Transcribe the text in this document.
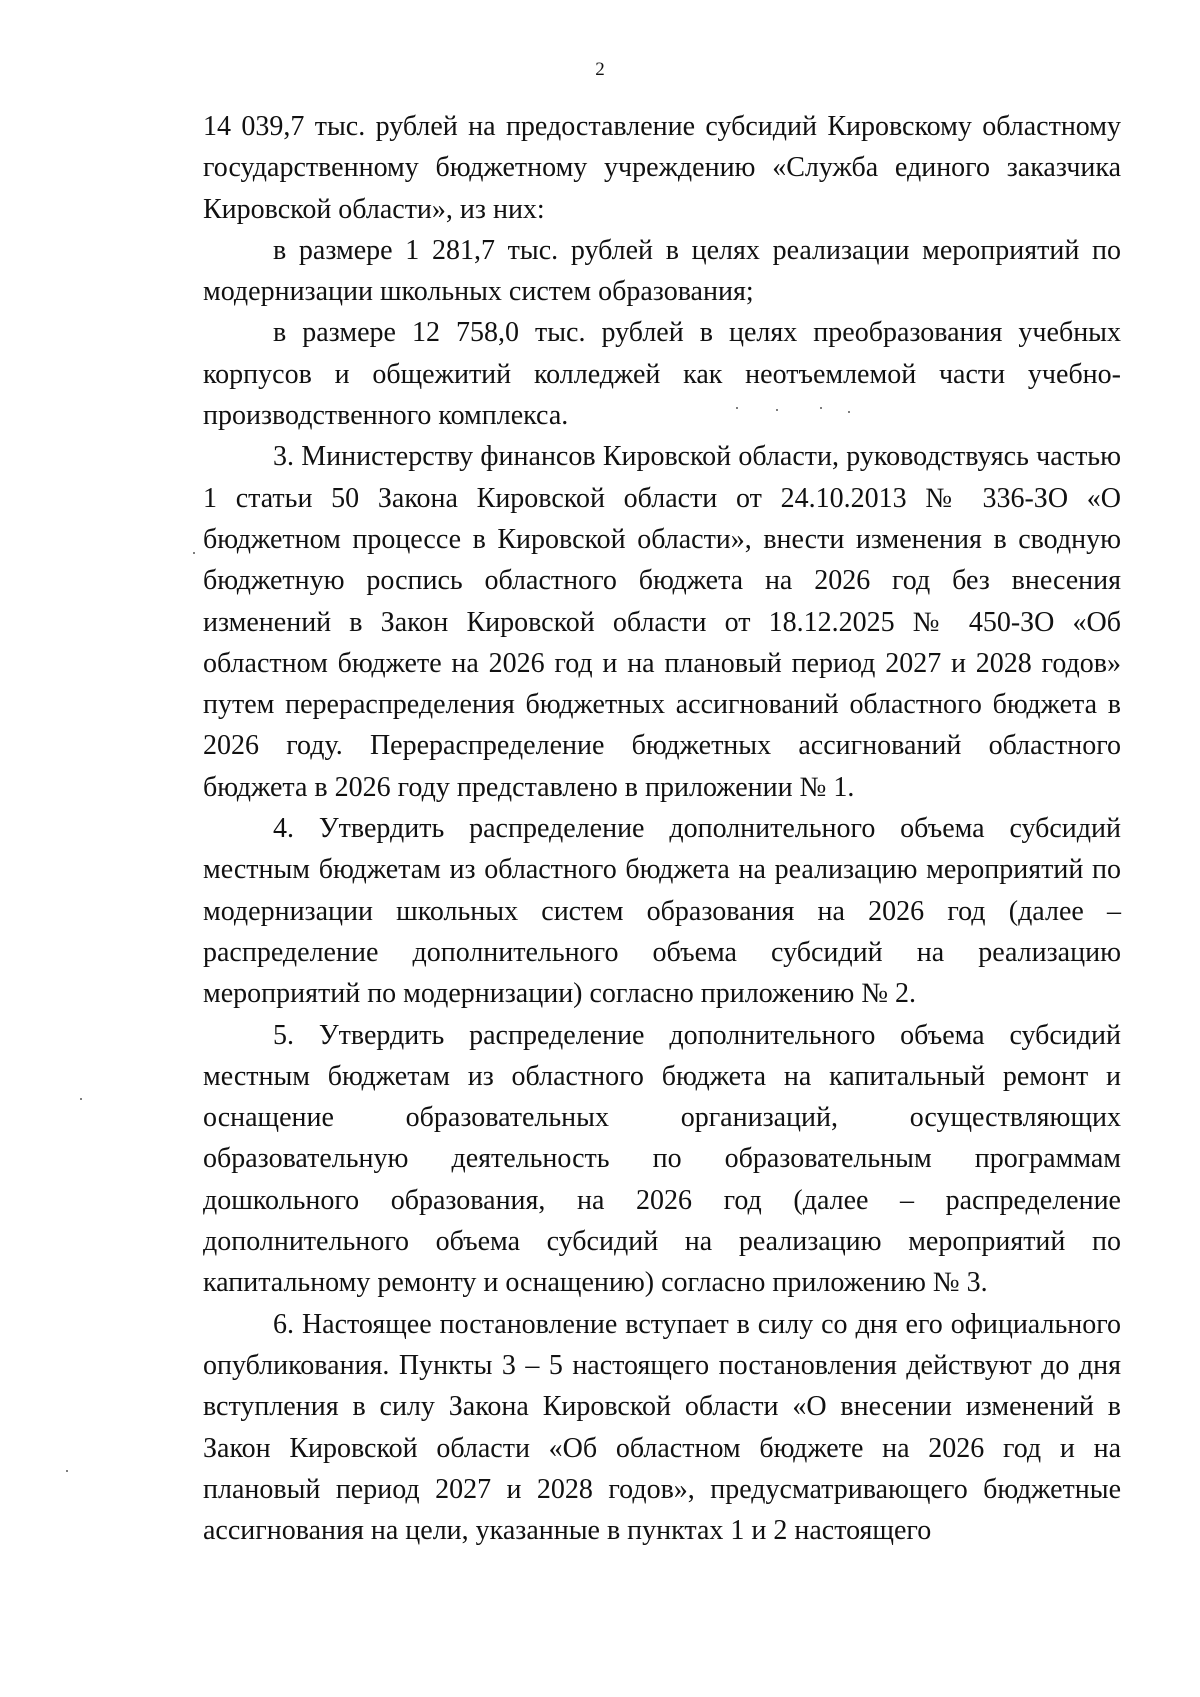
2

14 039,7 тыс. рублей на предоставление субсидий Кировскому областному государственному бюджетному учреждению «Служба единого заказчика Кировской области», из них:

в размере 1 281,7 тыс. рублей в целях реализации мероприятий по модернизации школьных систем образования;

в размере 12 758,0 тыс. рублей в целях преобразования учебных корпусов и общежитий колледжей как неотъемлемой части учебно-производственного комплекса.

3. Министерству финансов Кировской области, руководствуясь частью 1 статьи 50 Закона Кировской области от 24.10.2013 № 336-ЗО «О бюджетном процессе в Кировской области», внести изменения в сводную бюджетную роспись областного бюджета на 2026 год без внесения изменений в Закон Кировской области от 18.12.2025 № 450-ЗО «Об областном бюджете на 2026 год и на плановый период 2027 и 2028 годов» путем перераспределения бюджетных ассигнований областного бюджета в 2026 году. Перераспределение бюджетных ассигнований областного бюджета в 2026 году представлено в приложении № 1.

4. Утвердить распределение дополнительного объема субсидий местным бюджетам из областного бюджета на реализацию мероприятий по модернизации школьных систем образования на 2026 год (далее – распределение дополнительного объема субсидий на реализацию мероприятий по модернизации) согласно приложению № 2.

5. Утвердить распределение дополнительного объема субсидий местным бюджетам из областного бюджета на капитальный ремонт и оснащение образовательных организаций, осуществляющих образовательную деятельность по образовательным программам дошкольного образования, на 2026 год (далее – распределение дополнительного объема субсидий на реализацию мероприятий по капитальному ремонту и оснащению) согласно приложению № 3.

6. Настоящее постановление вступает в силу со дня его официального опубликования. Пункты 3 – 5 настоящего постановления действуют до дня вступления в силу Закона Кировской области «О внесении изменений в Закон Кировской области «Об областном бюджете на 2026 год и на плановый период 2027 и 2028 годов», предусматривающего бюджетные ассигнования на цели, указанные в пунктах 1 и 2 настоящего
